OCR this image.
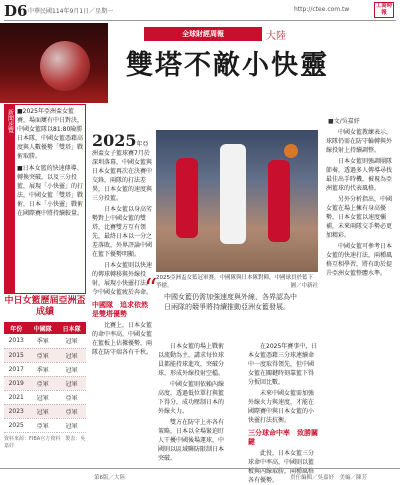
D6 中華民國114年9月1日／星期一	http://ctee.com.tw	工商時報
全球財經周報	大陸
雙塔不敵小快靈
■文/吳嘉妤
新聞速覽 ■2025年亞洲盃女籃賽，場面屢有中日對決，中國女籃隊以81:80險勝日本隊，中國女籃憑藉高度與人數優勢「雙塔」戰術取勝。

■日本女籃的快速傳導、轉換突破，以及三分投籃，展現「小快靈」的打法，中國女籃「雙塔」戰術，日本「小快靈」戰術在國際賽中將持續較量。

中日女籃歷屆亞洲盃成績
年份	中國隊	日本隊
2013	季軍	冠軍
2015	亞軍	冠軍
2017	季軍	冠軍
2019	亞軍	冠軍
2021	冠軍	亞軍
2023	冠軍	亞軍
2025	亞軍	冠軍
資料來源：FIBA官方資料　製表：吳嘉妤

2025年亞洲盃女子籃球賽7月於深圳落幕，中國女籃與日本女籃再次在決賽中交鋒，兩隊的打法差異，日本女籃的速度與三分投籃。

日本女籃以身高劣勢對上中國女籃的雙塔，比賽雙方互有領先，最終日本以一分之差落敗，外界評論中國在籃下優勢明顯。

日本女籃則以快速的傳球轉移與外線投射，展現小快靈打法，令中國女籃疲於奔命。

中國隊　追求依然是雙塔優勢

比賽上，日本女籃的命中率高，中國女籃在籃板上佔據優勢，兩隊在防守端各有千秋。

2025亞洲盃女籃冠軍賽，中國隊與日本隊對陣，中國球員於籃下爭搶。	圖／中新社
“ 中國女籃仍需加強速度與外線，各界認為中日兩隊的競爭將持續推動亞洲女籃發展。

日本女籃的場上戰術以流動為主，講求每位球員都能持球進攻，突破分球，形成外線投射空檔。

中國女籃則依賴內線高度，透過低位單打與籃下得分，成功壓制日本的外線火力。

雙方在防守上亦各有策略，日本以全場緊迫盯人干擾中國後場運球，中國則以區域聯防限制日本突破。

在2025年賽事中，日本女籃憑藉三分球連續命中一度取得領先，但中國女籃在關鍵時刻靠籃下得分扳回比數。

未來中國女籃需加強外線火力與速度，才能在國際賽中與日本女籃的小快靈打法抗衡。

三分球命中率　致勝關鍵

此役，日本女籃三分球命中率高，中國則以籃板與內線取勝，兩種風格各有優勢。

中國女籃教練表示，球隊仍需在防守輪轉與外線投射上持續調整。

日本女籃則強調團隊節奏，透過多人傳導尋找最佳出手時機，被視為亞洲籃球的代表風格。

另外分析指出，中國女籃在場上擁有身高優勢，日本女籃以速度彌補，未來兩隊交手勢必更加精彩。

中國女籃可參考日本女籃的快速打法，兩種風格互相學習，將有助於提升亞洲女籃整體水準。

第6版／大陸	責任編輯／吳嘉妤　美編／陳芳
